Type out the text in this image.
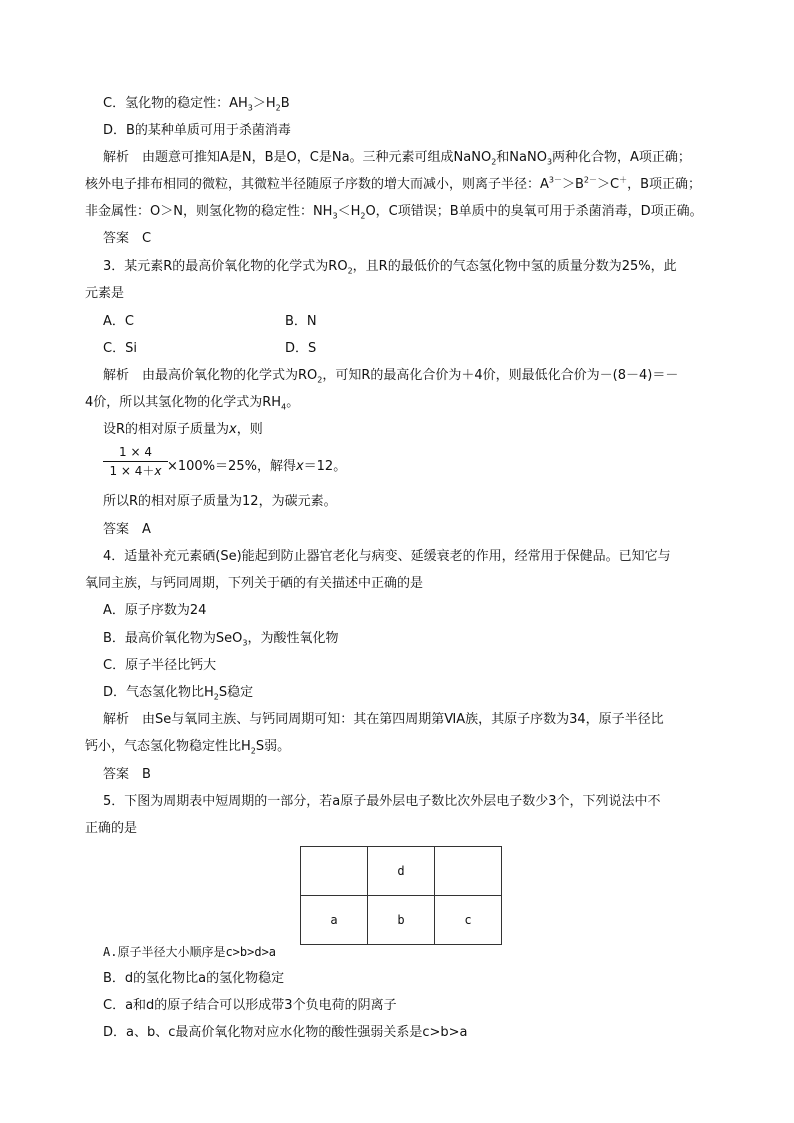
C．氢化物的稳定性：$AH_3>H_2B$
D．B的某种单质可用于杀菌消毒
解析　由题意可推知A是N，B是O，C是Na。三种元素可组成NaNO$_2$和NaNO$_3$两种化合物，A项正确；
核外电子排布相同的微粒，其微粒半径随原子序数的增大而减小，则离子半径：$A^{3-}>B^{2-}>C^+$，B项正确；
非金属性：O＞N，则氢化物的稳定性：$NH_3<H_2O$，C项错误；B单质中的臭氧可用于杀菌消毒，D项正确。
答案　C
3．某元素R的最高价氧化物的化学式为$RO_2$，且R的最低价的气态氢化物中氢的质量分数为25%，此
元素是
A．C	B．N
C．Si	D．S
解析　由最高价氧化物的化学式为$RO_2$，可知R的最高化合价为＋4价，则最低化合价为－(8－4)＝－
4价，所以其氢化物的化学式为$RH_4$。
设R的相对原子质量为x，则
1 × 4
1 × 4＋x ×100%＝25%，解得x＝12。
所以R的相对原子质量为12，为碳元素。
答案　A
4．适量补充元素硒(Se)能起到防止器官老化与病变、延缓衰老的作用，经常用于保健品。已知它与
氧同主族，与钙同周期，下列关于硒的有关描述中正确的是
A．原子序数为24
B．最高价氧化物为SeO$_3$，为酸性氧化物
C．原子半径比钙大
D．气态氢化物比$H_2S$稳定
解析　由Se与氧同主族、与钙同周期可知：其在第四周期第ⅥA族，其原子序数为34，原子半径比
钙小，气态氢化物稳定性比$H_2S$弱。
答案　B
5．下图为周期表中短周期的一部分，若a原子最外层电子数比次外层电子数少3个，下列说法中不
正确的是
	d	
a	b	c
A.原子半径大小顺序是c>b>d>a
B．d的氢化物比a的氢化物稳定
C．a和d的原子结合可以形成带3个负电荷的阴离子
D．a、b、c最高价氧化物对应水化物的酸性强弱关系是c>b>a
